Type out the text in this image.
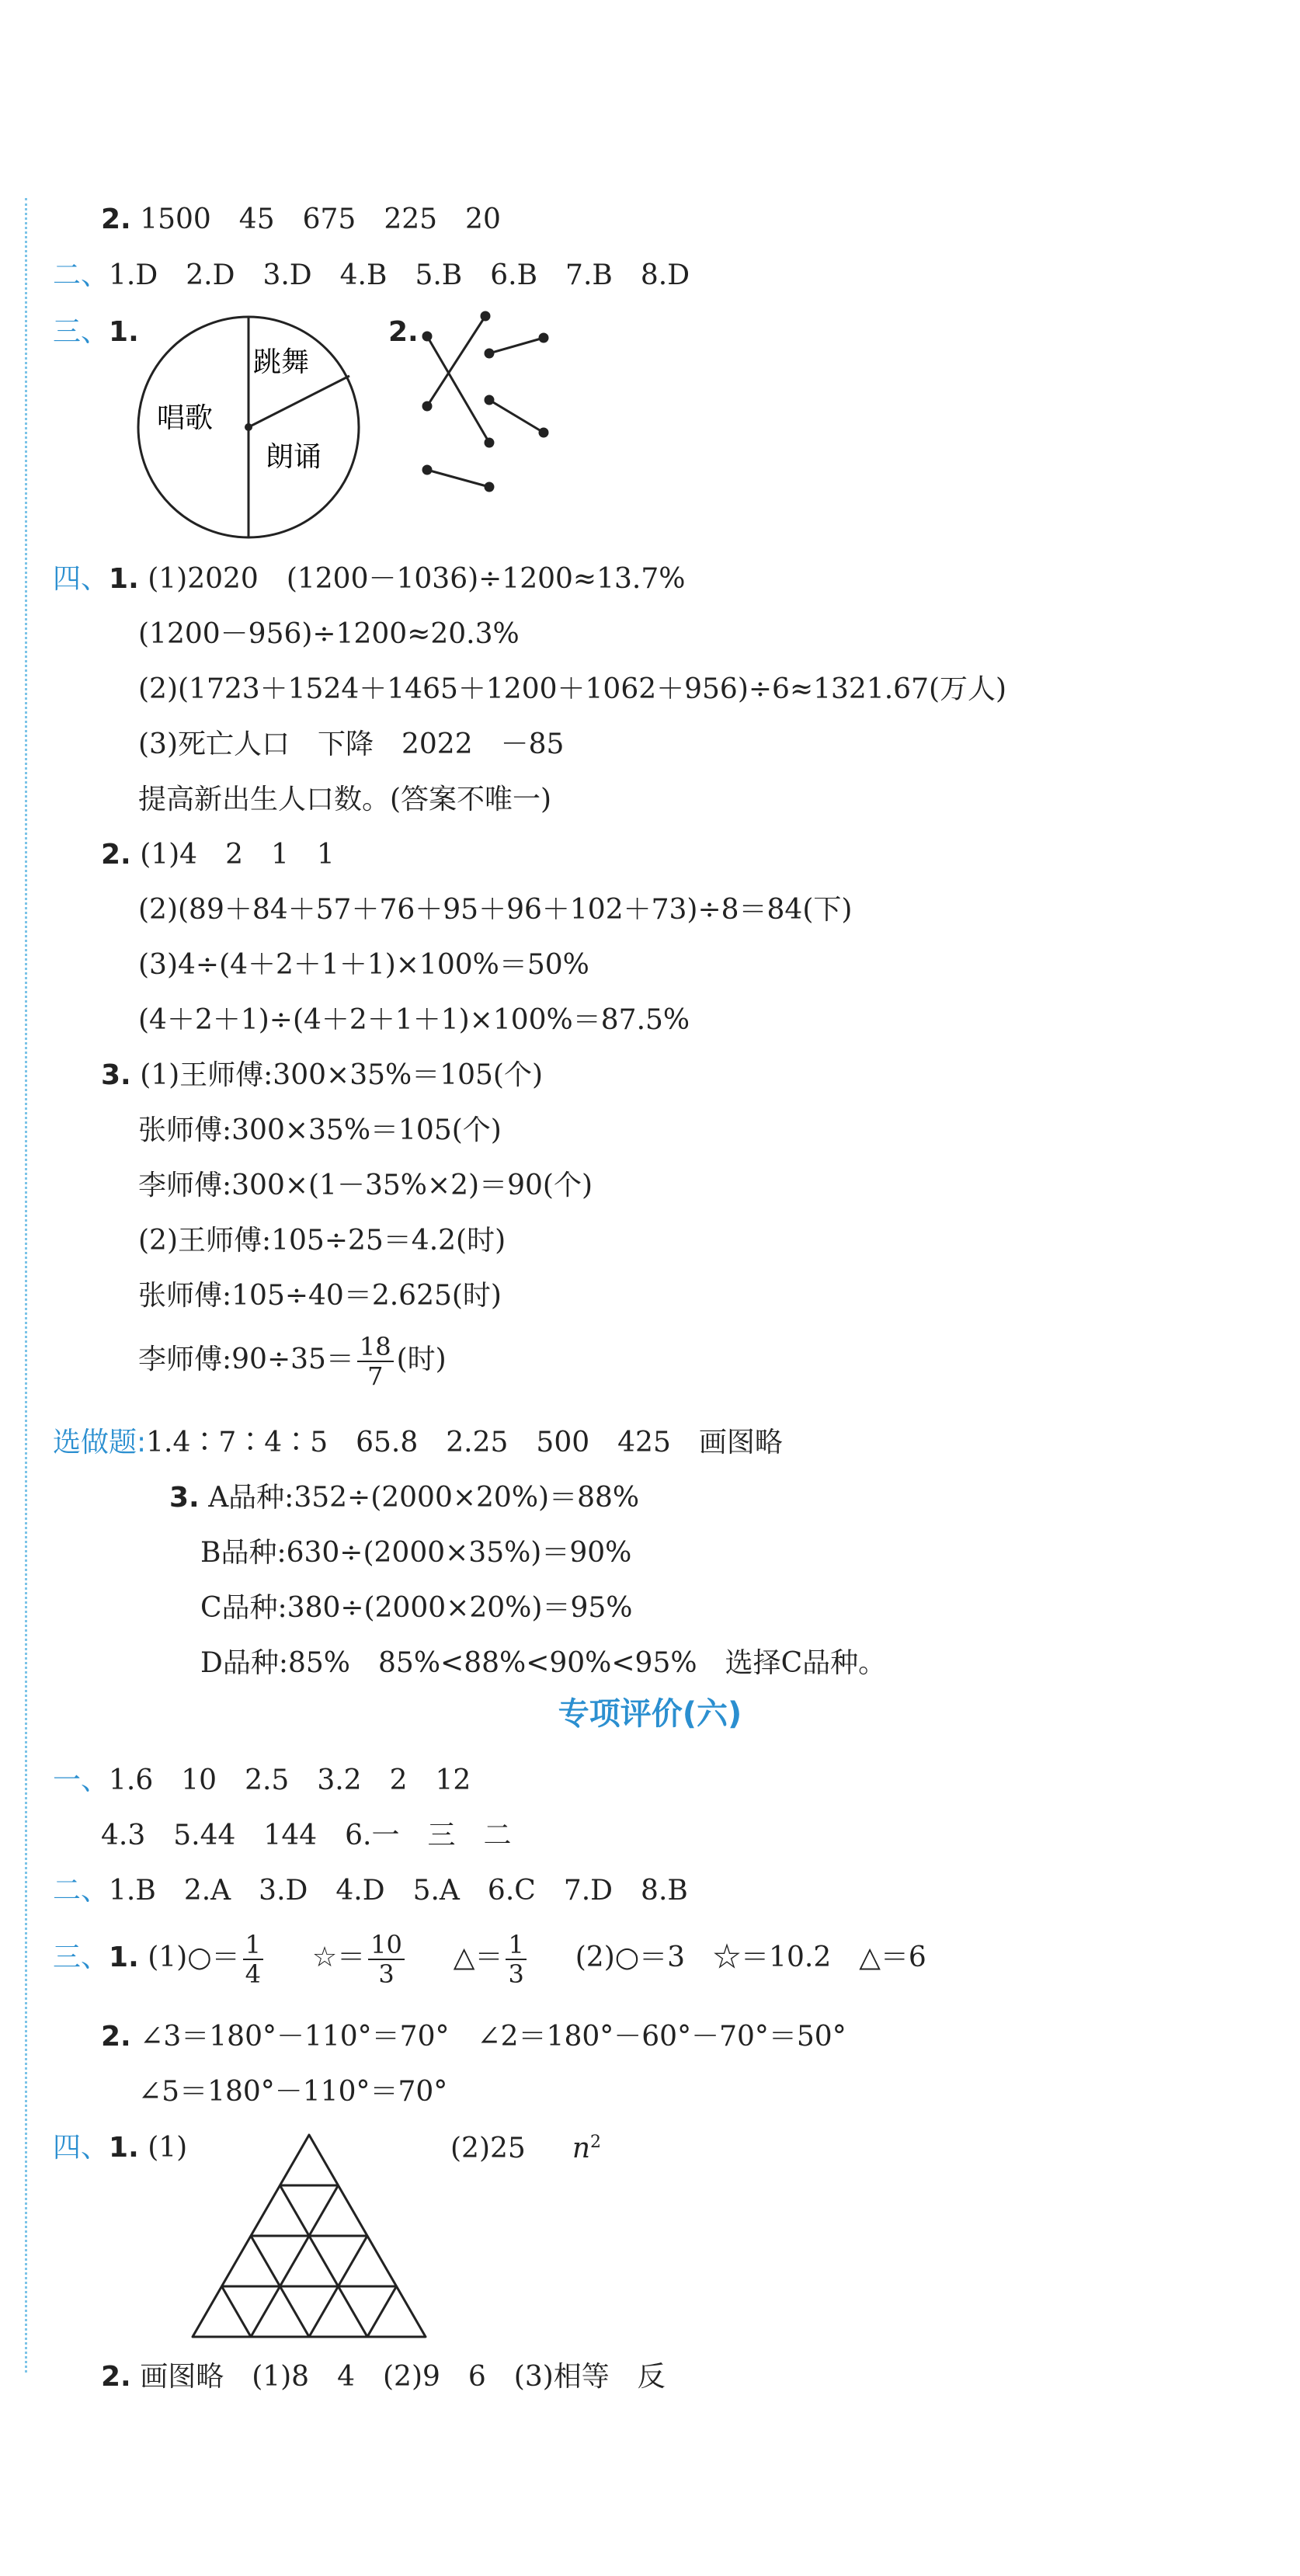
2. 1500　45　675　225　20
二、1.D　2.D　3.D　4.B　5.B　6.B　7.B　8.D
三、1.	2.
跳舞
唱歌
朗诵
四、1. (1)2020　(1200－1036)÷1200≈13.7%
(1200－956)÷1200≈20.3%
(2)(1723＋1524＋1465＋1200＋1062＋956)÷6≈1321.67(万人)
(3)死亡人口　下降　2022　－85
提高新出生人口数。(答案不唯一)
2. (1)4　2　1　1
(2)(89＋84＋57＋76＋95＋96＋102＋73)÷8＝84(下)
(3)4÷(4＋2＋1＋1)×100%＝50%
(4＋2＋1)÷(4＋2＋1＋1)×100%＝87.5%
3. (1)王师傅:300×35%＝105(个)
张师傅:300×35%＝105(个)
李师傅:300×(1－35%×2)＝90(个)
(2)王师傅:105÷25＝4.2(时)
张师傅:105÷40＝2.625(时)
李师傅:90÷35＝ $\frac{18}{7}$ (时)
选做题:1.4∶7∶4∶5　65.8　2.25　500　425　画图略
3. A品种:352÷(2000×20%)＝88%
B品种:630÷(2000×35%)＝90%
C品种:380÷(2000×20%)＝95%
D品种:85%　85%<88%<90%<95%　选择C品种。
专项评价(六)
一、1.6　10　2.5　3.2　2　12
4.3　5.44　144　6.一　三　二
二、1.B　2.A　3.D　4.D　5.A　6.C　7.D　8.B
三、1. (1)○＝ $\frac{1}{4}$ ☆＝ $\frac{10}{3}$ △＝ $\frac{1}{3}$ (2)○＝3　☆＝10.2　△＝6
2. ∠3＝180°－110°＝70°　∠2＝180°－60°－70°＝50°
∠5＝180°－110°＝70°
四、1. (1)	(2)25 $n^2$
2. 画图略　(1)8　4　(2)9　6　(3)相等　反
